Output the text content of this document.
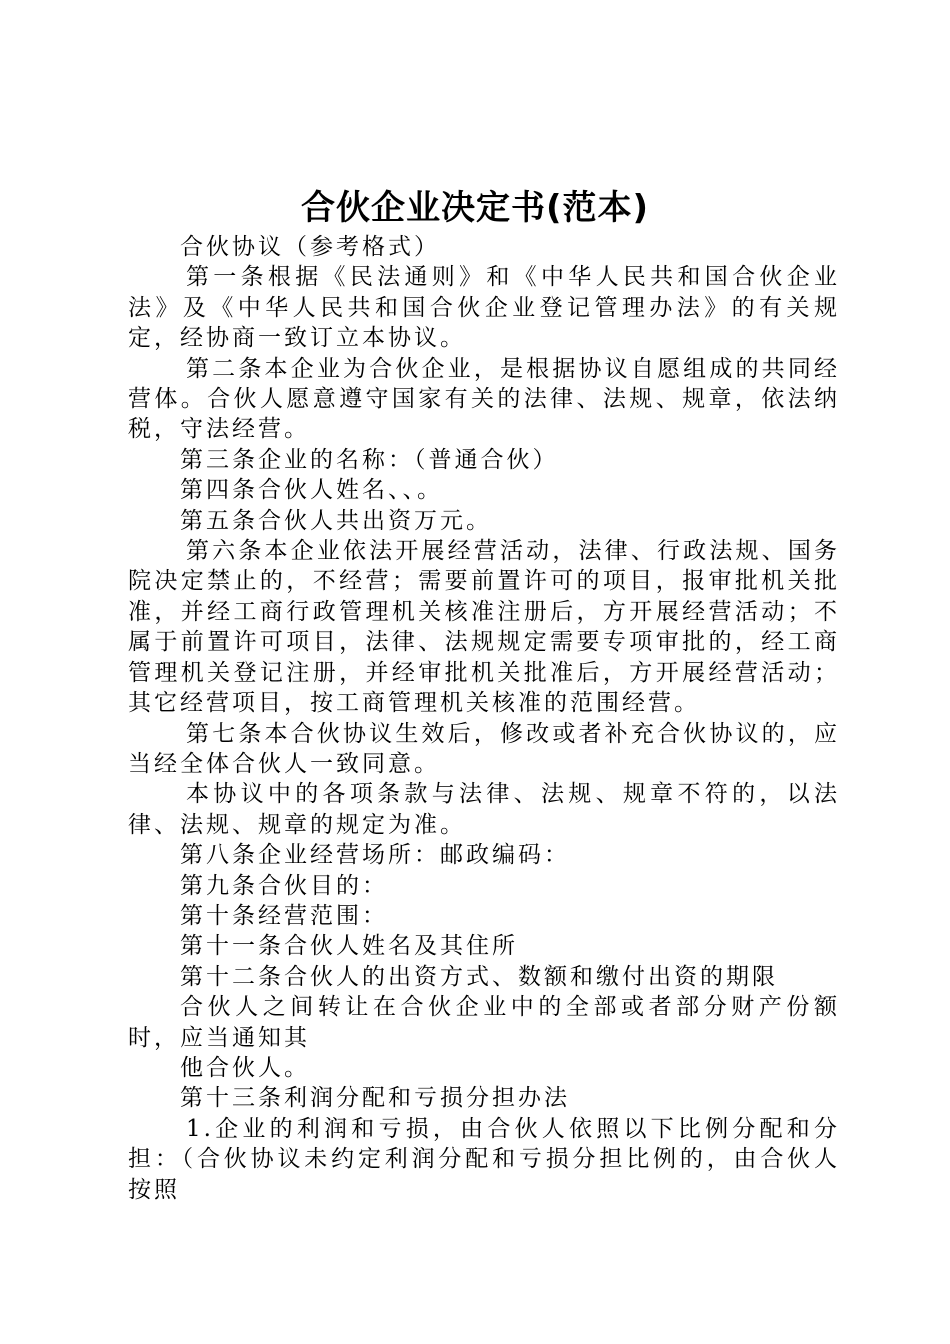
合伙企业决定书(范本)

合伙协议（参考格式）

第一条根据《民法通则》和《中华人民共和国合伙企业法》及《中华人民共和国合伙企业登记管理办法》的有关规定，经协商一致订立本协议。

第二条本企业为合伙企业，是根据协议自愿组成的共同经营体。合伙人愿意遵守国家有关的法律、法规、规章，依法纳税，守法经营。

第三条企业的名称：（普通合伙）

第四条合伙人姓名、、。

第五条合伙人共出资万元。

第六条本企业依法开展经营活动，法律、行政法规、国务院决定禁止的，不经营；需要前置许可的项目，报审批机关批准，并经工商行政管理机关核准注册后，方开展经营活动；不属于前置许可项目，法律、法规规定需要专项审批的，经工商管理机关登记注册，并经审批机关批准后，方开展经营活动；其它经营项目，按工商管理机关核准的范围经营。

第七条本合伙协议生效后，修改或者补充合伙协议的，应当经全体合伙人一致同意。

本协议中的各项条款与法律、法规、规章不符的，以法律、法规、规章的规定为准。

第八条企业经营场所：邮政编码：

第九条合伙目的：

第十条经营范围：

第十一条合伙人姓名及其住所

第十二条合伙人的出资方式、数额和缴付出资的期限

合伙人之间转让在合伙企业中的全部或者部分财产份额时，应当通知其

他合伙人。

第十三条利润分配和亏损分担办法

1.企业的利润和亏损，由合伙人依照以下比例分配和分担：（合伙协议未约定利润分配和亏损分担比例的，由合伙人按照
